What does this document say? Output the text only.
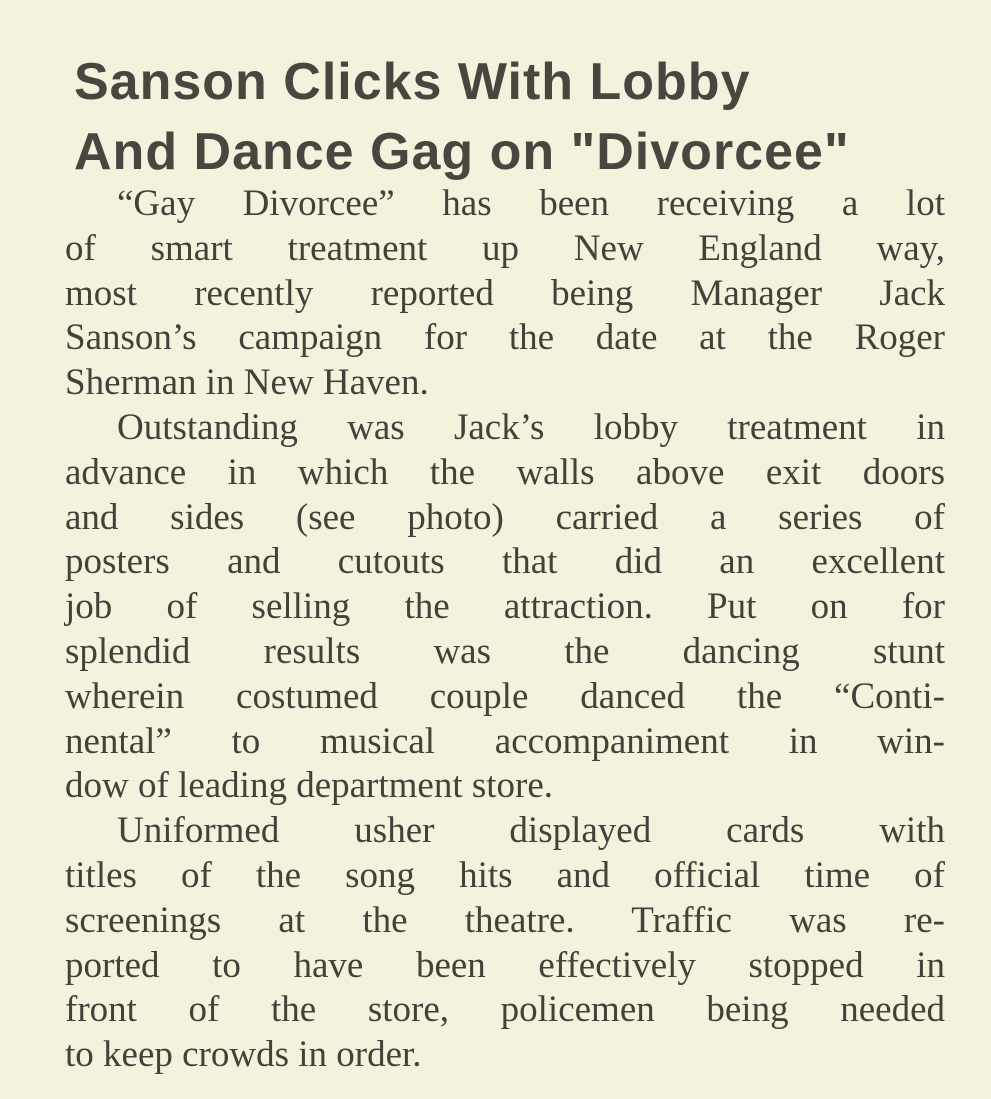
Sanson Clicks With Lobby
And Dance Gag on "Divorcee"
“Gay Divorcee” has been receiving a lot
of smart treatment up New England way,
most recently reported being Manager Jack
Sanson’s campaign for the date at the Roger
Sherman in New Haven.
Outstanding was Jack’s lobby treatment in
advance in which the walls above exit doors
and sides (see photo) carried a series of
posters and cutouts that did an excellent
job of selling the attraction. Put on for
splendid results was the dancing stunt
wherein costumed couple danced the “Conti-
nental” to musical accompaniment in win-
dow of leading department store.
Uniformed usher displayed cards with
titles of the song hits and official time of
screenings at the theatre. Traffic was re-
ported to have been effectively stopped in
front of the store, policemen being needed
to keep crowds in order.
